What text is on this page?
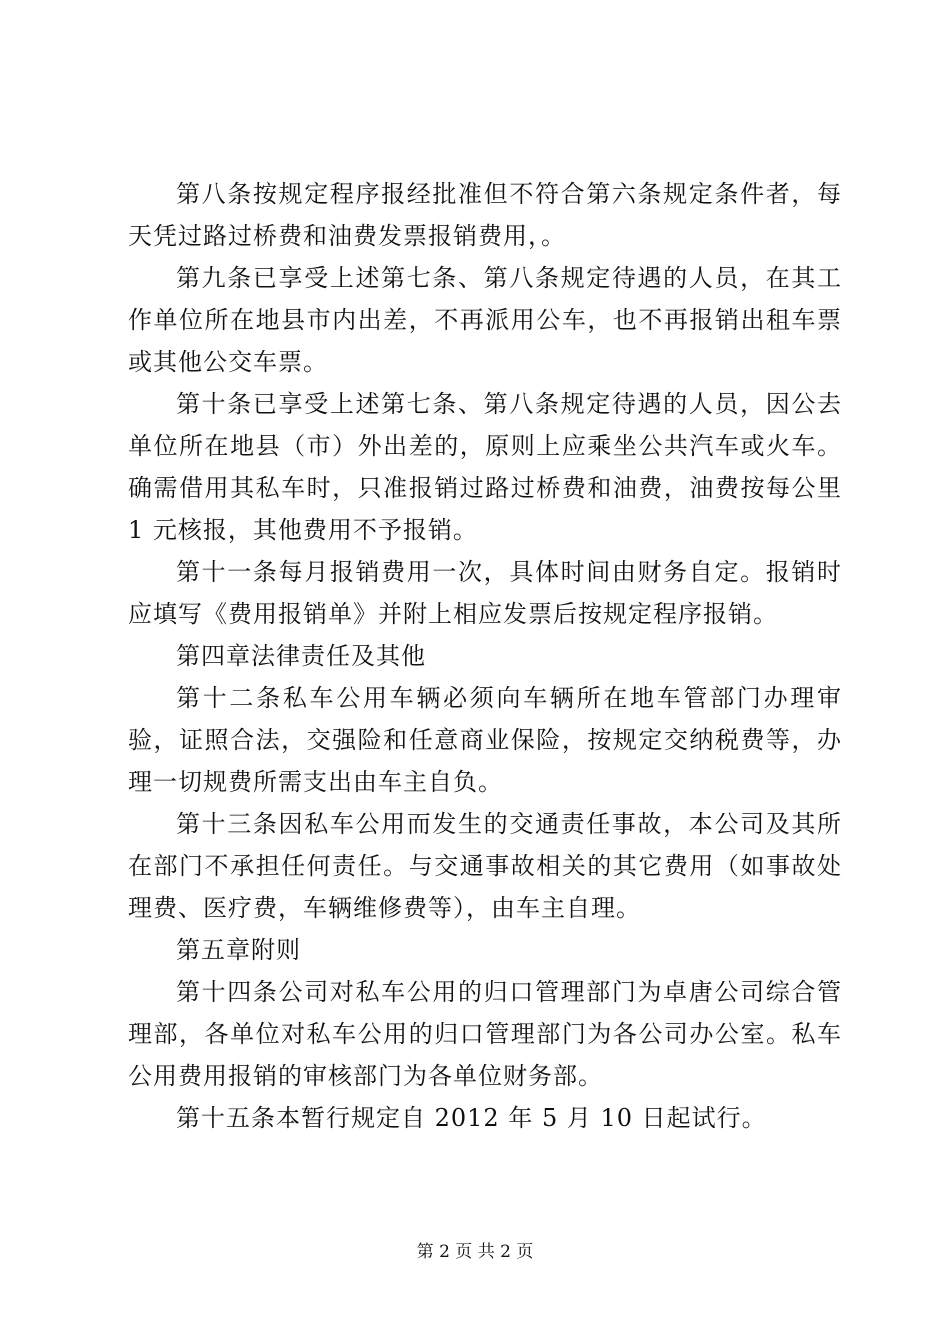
第八条按规定程序报经批准但不符合第六条规定条件者，每天凭过路过桥费和油费发票报销费用，。

第九条已享受上述第七条、第八条规定待遇的人员，在其工作单位所在地县市内出差，不再派用公车，也不再报销出租车票或其他公交车票。

第十条已享受上述第七条、第八条规定待遇的人员，因公去单位所在地县（市）外出差的，原则上应乘坐公共汽车或火车。确需借用其私车时，只准报销过路过桥费和油费，油费按每公里 1 元核报，其他费用不予报销。

第十一条每月报销费用一次，具体时间由财务自定。报销时应填写《费用报销单》并附上相应发票后按规定程序报销。

第四章法律责任及其他

第十二条私车公用车辆必须向车辆所在地车管部门办理审验，证照合法，交强险和任意商业保险，按规定交纳税费等，办理一切规费所需支出由车主自负。

第十三条因私车公用而发生的交通责任事故，本公司及其所在部门不承担任何责任。与交通事故相关的其它费用（如事故处理费、医疗费，车辆维修费等），由车主自理。

第五章附则

第十四条公司对私车公用的归口管理部门为卓唐公司综合管理部，各单位对私车公用的归口管理部门为各公司办公室。私车公用费用报销的审核部门为各单位财务部。

第十五条本暂行规定自 2012 年 5 月 10 日起试行。

第 2 页 共 2 页
